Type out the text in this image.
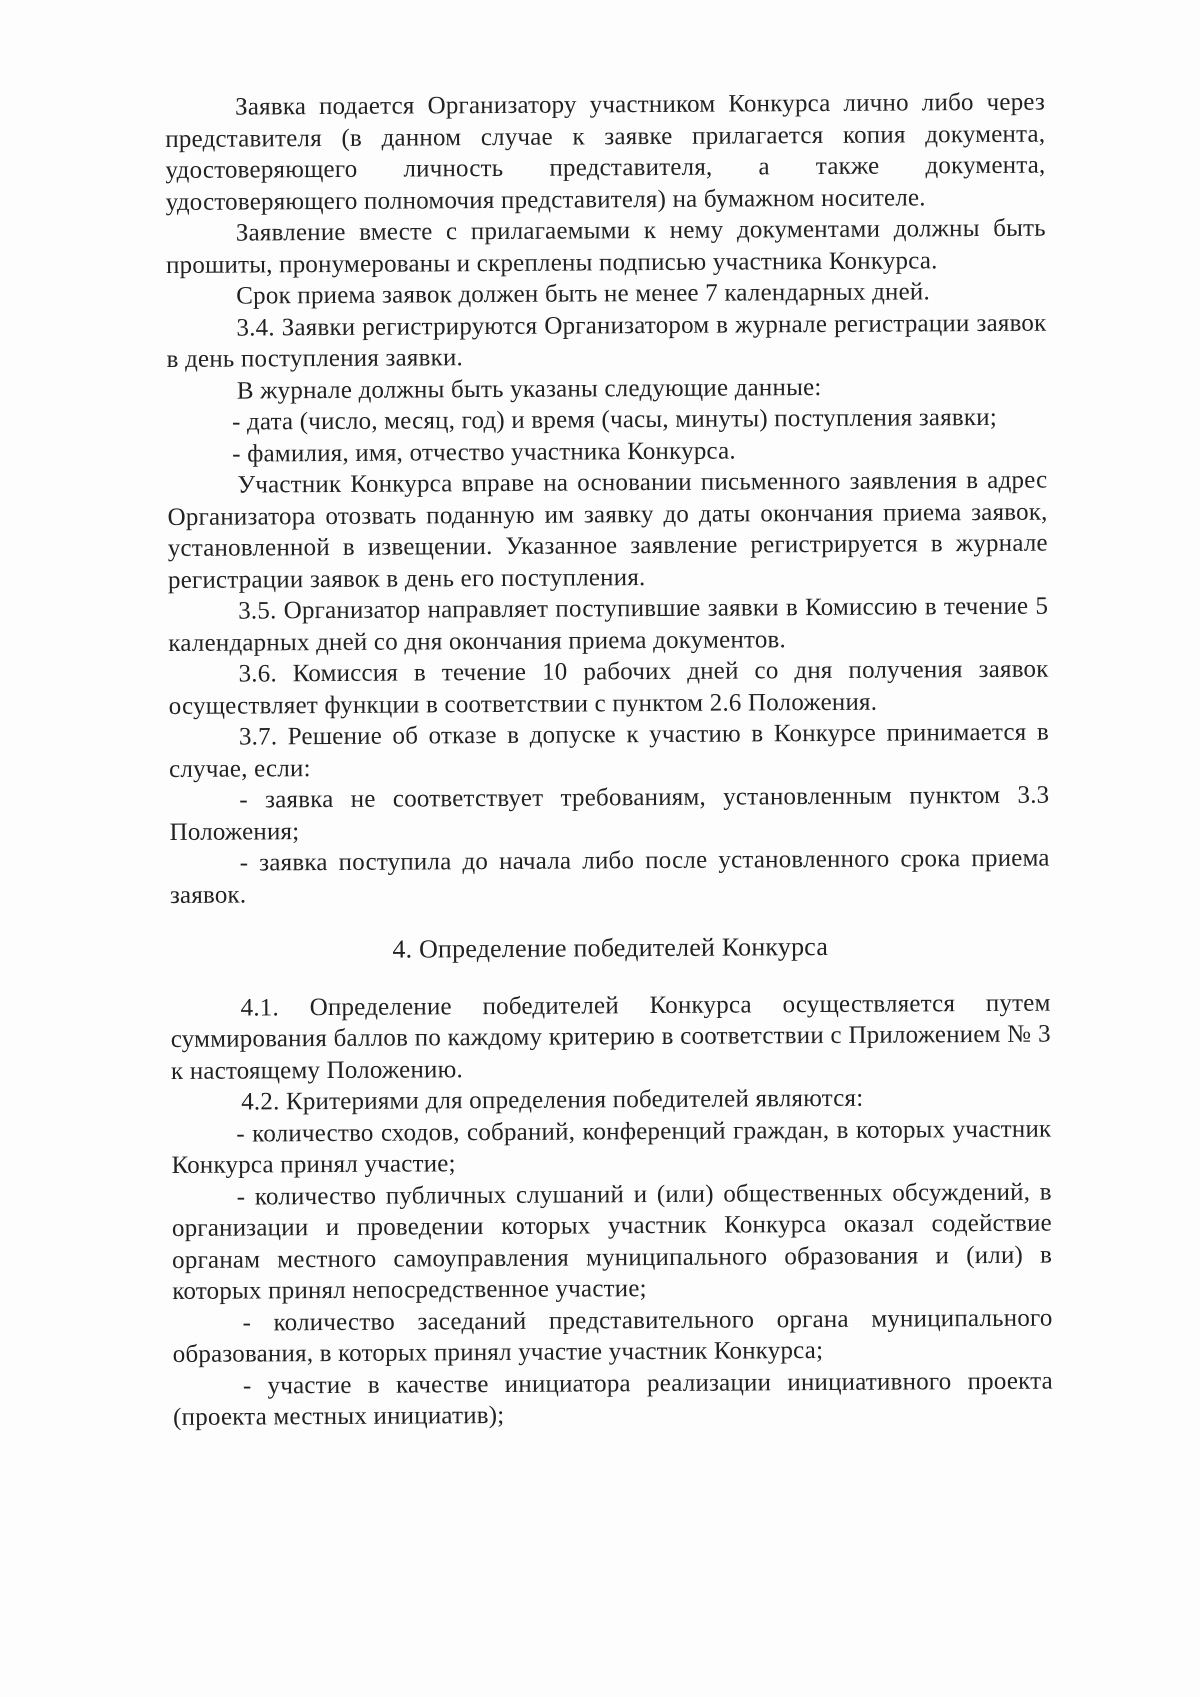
Заявка подается Организатору участником Конкурса лично либо через представителя (в данном случае к заявке прилагается копия документа, удостоверяющего личность представителя, а также документа, удостоверяющего полномочия представителя) на бумажном носителе.

Заявление вместе с прилагаемыми к нему документами должны быть прошиты, пронумерованы и скреплены подписью участника Конкурса.

Срок приема заявок должен быть не менее 7 календарных дней.

3.4. Заявки регистрируются Организатором в журнале регистрации заявок в день поступления заявки.

В журнале должны быть указаны следующие данные:

- дата (число, месяц, год) и время (часы, минуты) поступления заявки;

- фамилия, имя, отчество участника Конкурса.

Участник Конкурса вправе на основании письменного заявления в адрес Организатора отозвать поданную им заявку до даты окончания приема заявок, установленной в извещении. Указанное заявление регистрируется в журнале регистрации заявок в день его поступления.

3.5. Организатор направляет поступившие заявки в Комиссию в течение 5 календарных дней со дня окончания приема документов.

3.6. Комиссия в течение 10 рабочих дней со дня получения заявок осуществляет функции в соответствии с пунктом 2.6 Положения.

3.7. Решение об отказе в допуске к участию в Конкурсе принимается в случае, если:

- заявка не соответствует требованиям, установленным пунктом 3.3 Положения;

- заявка поступила до начала либо после установленного срока приема заявок.

4. Определение победителей Конкурса

4.1. Определение победителей Конкурса осуществляется путем суммирования баллов по каждому критерию в соответствии с Приложением № 3 к настоящему Положению.

4.2. Критериями для определения победителей являются:

- количество сходов, собраний, конференций граждан, в которых участник Конкурса принял участие;

- количество публичных слушаний и (или) общественных обсуждений, в организации и проведении которых участник Конкурса оказал содействие органам местного самоуправления муниципального образования и (или) в которых принял непосредственное участие;

- количество заседаний представительного органа муниципального образования, в которых принял участие участник Конкурса;

- участие в качестве инициатора реализации инициативного проекта (проекта местных инициатив);
